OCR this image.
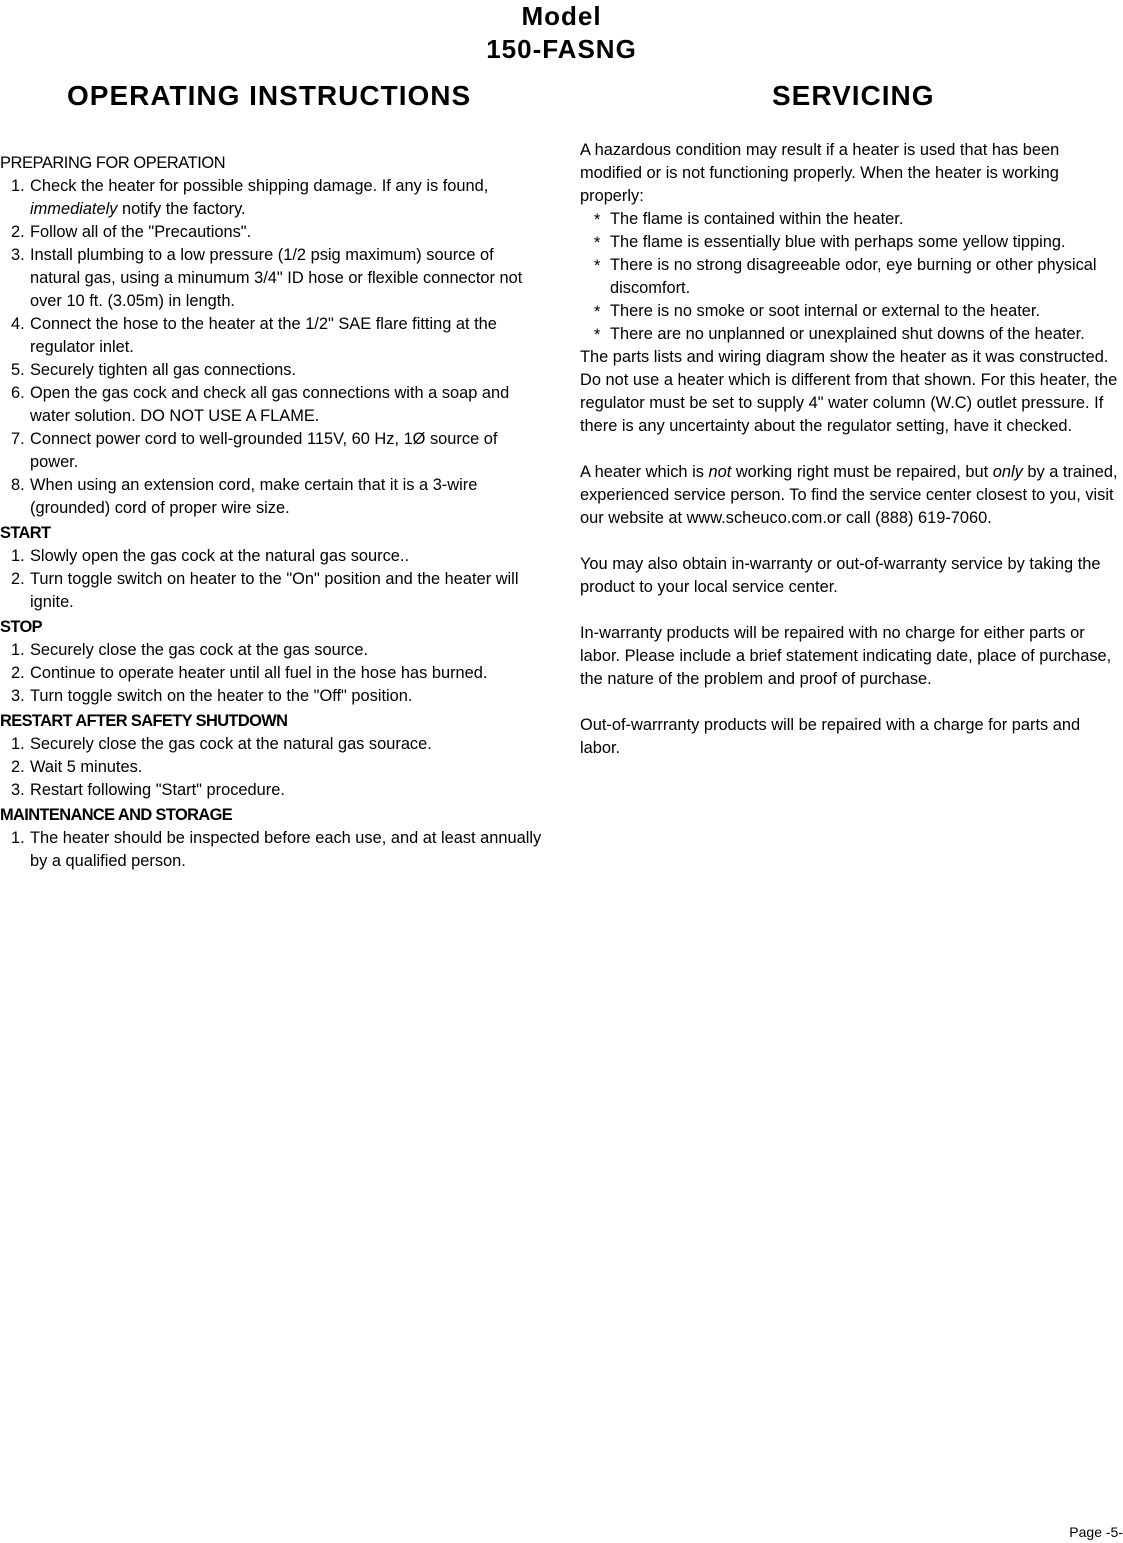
Model
150-FASNG
OPERATING INSTRUCTIONS
PREPARING FOR OPERATION
1. Check the heater for possible shipping damage. If any is found, immediately notify the factory.
2. Follow all of the "Precautions".
3. Install plumbing to a low pressure (1/2 psig maximum) source of natural gas, using a minumum 3/4" ID hose or flexible connector not over 10 ft. (3.05m) in length.
4. Connect the hose to the heater at the 1/2" SAE flare fitting at the regulator inlet.
5. Securely tighten all gas connections.
6. Open the gas cock and check all gas connections with a soap and water solution. DO NOT USE A FLAME.
7. Connect power cord to well-grounded 115V, 60 Hz, 1Ø source of power.
8. When using an extension cord, make certain that it is a 3-wire (grounded) cord of proper wire size.
START
1. Slowly open the gas cock at the natural gas source..
2. Turn toggle switch on heater to the "On" position and the heater will ignite.
STOP
1. Securely close the gas cock at the gas source.
2. Continue to operate heater until all fuel in the hose has burned.
3. Turn toggle switch on the heater to the "Off" position.
RESTART AFTER SAFETY SHUTDOWN
1. Securely close the gas cock at the natural gas sourace.
2. Wait 5 minutes.
3. Restart following "Start" procedure.
MAINTENANCE AND STORAGE
1. The heater should be inspected before each use, and at least annually by a qualified person.
SERVICING
A hazardous condition may result if a heater is used that has been modified or is not functioning properly. When the heater is working properly:
* The flame is contained within the heater.
* The flame is essentially blue with perhaps some yellow tipping.
* There is no strong disagreeable odor, eye burning or other physical discomfort.
* There is no smoke or soot internal or external to the heater.
* There are no unplanned or unexplained shut downs of the heater.

The parts lists and wiring diagram show the heater as it was constructed. Do not use a heater which is different from that shown. For this heater, the regulator must be set to supply 4" water column (W.C) outlet pressure. If there is any uncertainty about the regulator setting, have it checked.

A heater which is not working right must be repaired, but only by a trained, experienced service person. To find the service center closest to you, visit our website at www.scheuco.com.or call (888) 619-7060.

You may also obtain in-warranty or out-of-warranty service by taking the product to your local service center.

In-warranty products will be repaired with no charge for either parts or labor. Please include a brief statement indicating date, place of purchase, the nature of the problem and proof of purchase.

Out-of-warrranty products will be repaired with a charge for parts and labor.

Page -5-
